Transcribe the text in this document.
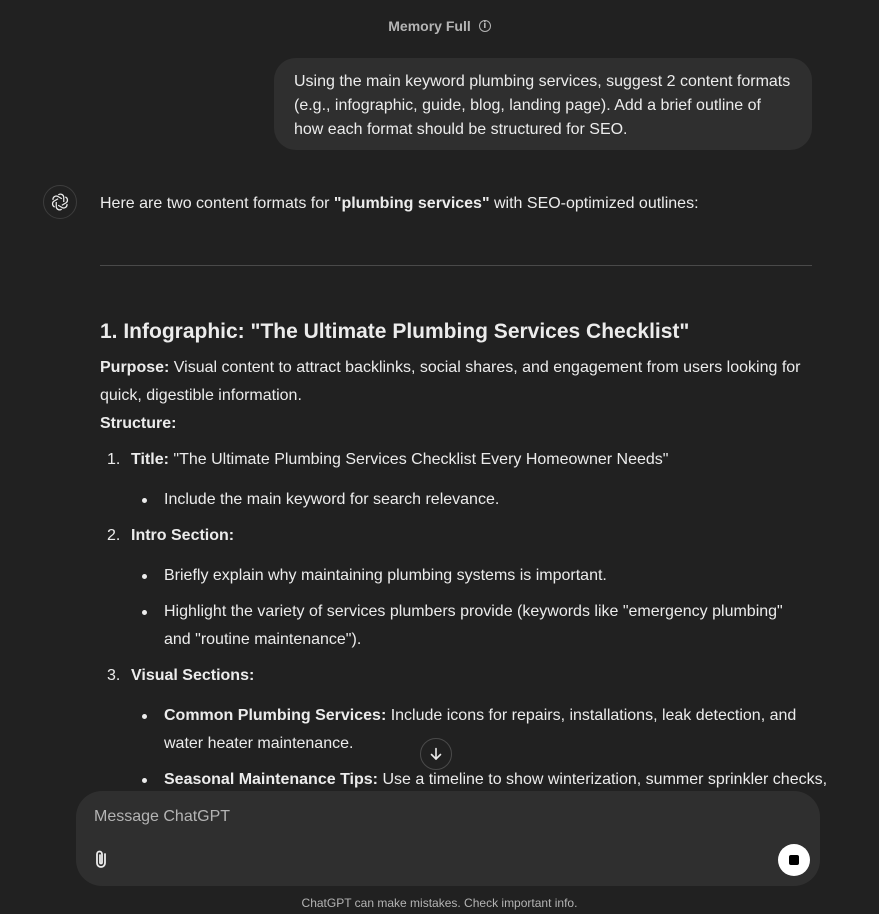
Memory Full	i
Using the main keyword plumbing services, suggest 2 content formats
(e.g., infographic, guide, blog, landing page). Add a brief outline of
how each format should be structured for SEO.
Here are two content formats for "plumbing services" with SEO-optimized outlines:
1. Infographic: "The Ultimate Plumbing Services Checklist"
Purpose: Visual content to attract backlinks, social shares, and engagement from users looking for
quick, digestible information.
Structure:
1. Title: "The Ultimate Plumbing Services Checklist Every Homeowner Needs"
Include the main keyword for search relevance.
2. Intro Section:
Briefly explain why maintaining plumbing systems is important.
Highlight the variety of services plumbers provide (keywords like "emergency plumbing"
and "routine maintenance").
3. Visual Sections:
Common Plumbing Services: Include icons for repairs, installations, leak detection, and
water heater maintenance.
Seasonal Maintenance Tips: Use a timeline to show winterization, summer sprinkler checks,
Message ChatGPT
ChatGPT can make mistakes. Check important info.
